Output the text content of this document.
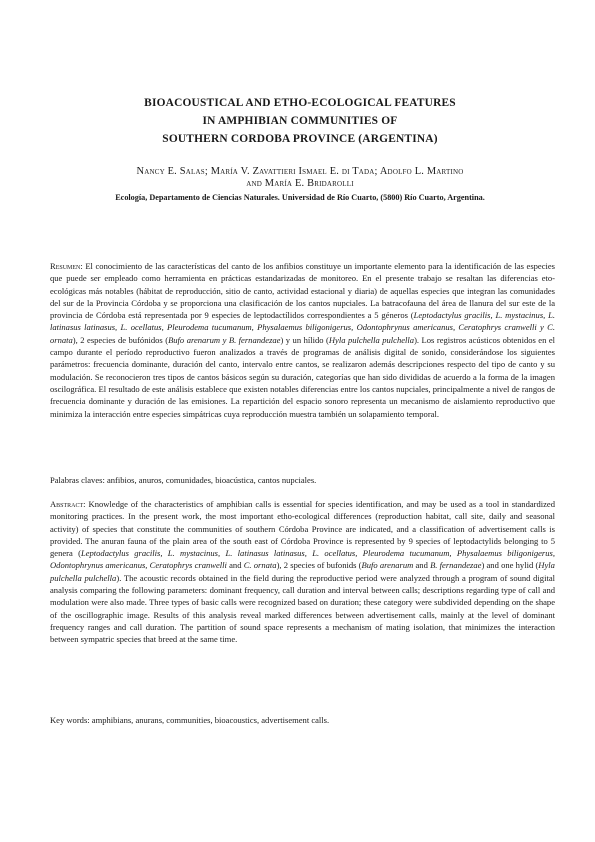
BIOACOUSTICAL AND ETHO-ECOLOGICAL FEATURES
IN AMPHIBIAN COMMUNITIES OF
SOUTHERN CORDOBA PROVINCE (ARGENTINA)
Nancy E. Salas; María V. Zavattieri Ismael E. di Tada; Adolfo L. Martino
and María E. Bridarolli
Ecología, Departamento de Ciencias Naturales. Universidad de Río Cuarto, (5800) Río Cuarto, Argentina.

Resumen: El conocimiento de las características del canto de los anfibios constituye un importante elemento para la identificación de las especies que puede ser empleado como herramienta en prácticas estandarizadas de monitoreo. En el presente trabajo se resaltan las diferencias eto-ecológicas más notables (hábitat de reproducción, sitio de canto, actividad estacional y diaria) de aquellas especies que integran las comunidades del sur de la Provincia Córdoba y se proporciona una clasificación de los cantos nupciales. La batracofauna del área de llanura del sur este de la provincia de Córdoba está representada por 9 especies de leptodactílidos correspondientes a 5 géneros (Leptodactylus gracilis, L. mystacinus, L. latinasus latinasus, L. ocellatus, Pleurodema tucumanum, Physalaemus biligonigerus, Odontophrynus americanus, Ceratophrys cranwelli y C. ornata), 2 especies de bufónidos (Bufo arenarum y B. fernandezae) y un hílido (Hyla pulchella pulchella). Los registros acústicos obtenidos en el campo durante el período reproductivo fueron analizados a través de programas de análisis digital de sonido, considerándose los siguientes parámetros: frecuencia dominante, duración del canto, intervalo entre cantos, se realizaron además descripciones respecto del tipo de canto y su modulación. Se reconocieron tres tipos de cantos básicos según su duración, categorías que han sido divididas de acuerdo a la forma de la imagen oscilográfica. El resultado de este análisis establece que existen notables diferencias entre los cantos nupciales, principalmente a nivel de rangos de frecuencia dominante y duración de las emisiones. La repartición del espacio sonoro representa un mecanismo de aislamiento reproductivo que minimiza la interacción entre especies simpátricas cuya reproducción muestra también un solapamiento temporal.

Palabras claves: anfibios, anuros, comunidades, bioacústica, cantos nupciales.

Abstract: Knowledge of the characteristics of amphibian calls is essential for species identification, and may be used as a tool in standardized monitoring practices. In the present work, the most important etho-ecological differences (reproduction habitat, call site, daily and seasonal activity) of species that constitute the communities of southern Córdoba Province are indicated, and a classification of advertisement calls is provided. The anuran fauna of the plain area of the south east of Córdoba Province is represented by 9 species of leptodactylids belonging to 5 genera (Leptodactylus gracilis, L. mystacinus, L. latinasus latinasus, L. ocellatus, Pleurodema tucumanum, Physalaemus biligonigerus, Odontophrynus americanus, Ceratophrys cranwelli and C. ornata), 2 species of bufonids (Bufo arenarum and B. fernandezae) and one hylid (Hyla pulchella pulchella). The acoustic records obtained in the field during the reproductive period were analyzed through a program of sound digital analysis comparing the following parameters: dominant frequency, call duration and interval between calls; descriptions regarding type of call and modulation were also made. Three types of basic calls were recognized based on duration; these category were subdivided depending on the shape of the oscillographic image. Results of this analysis reveal marked differences between advertisement calls, mainly at the level of dominant frequency ranges and call duration. The partition of sound space represents a mechanism of mating isolation, that minimizes the interaction between sympatric species that breed at the same time.

Key words: amphibians, anurans, communities, bioacoustics, advertisement calls.
